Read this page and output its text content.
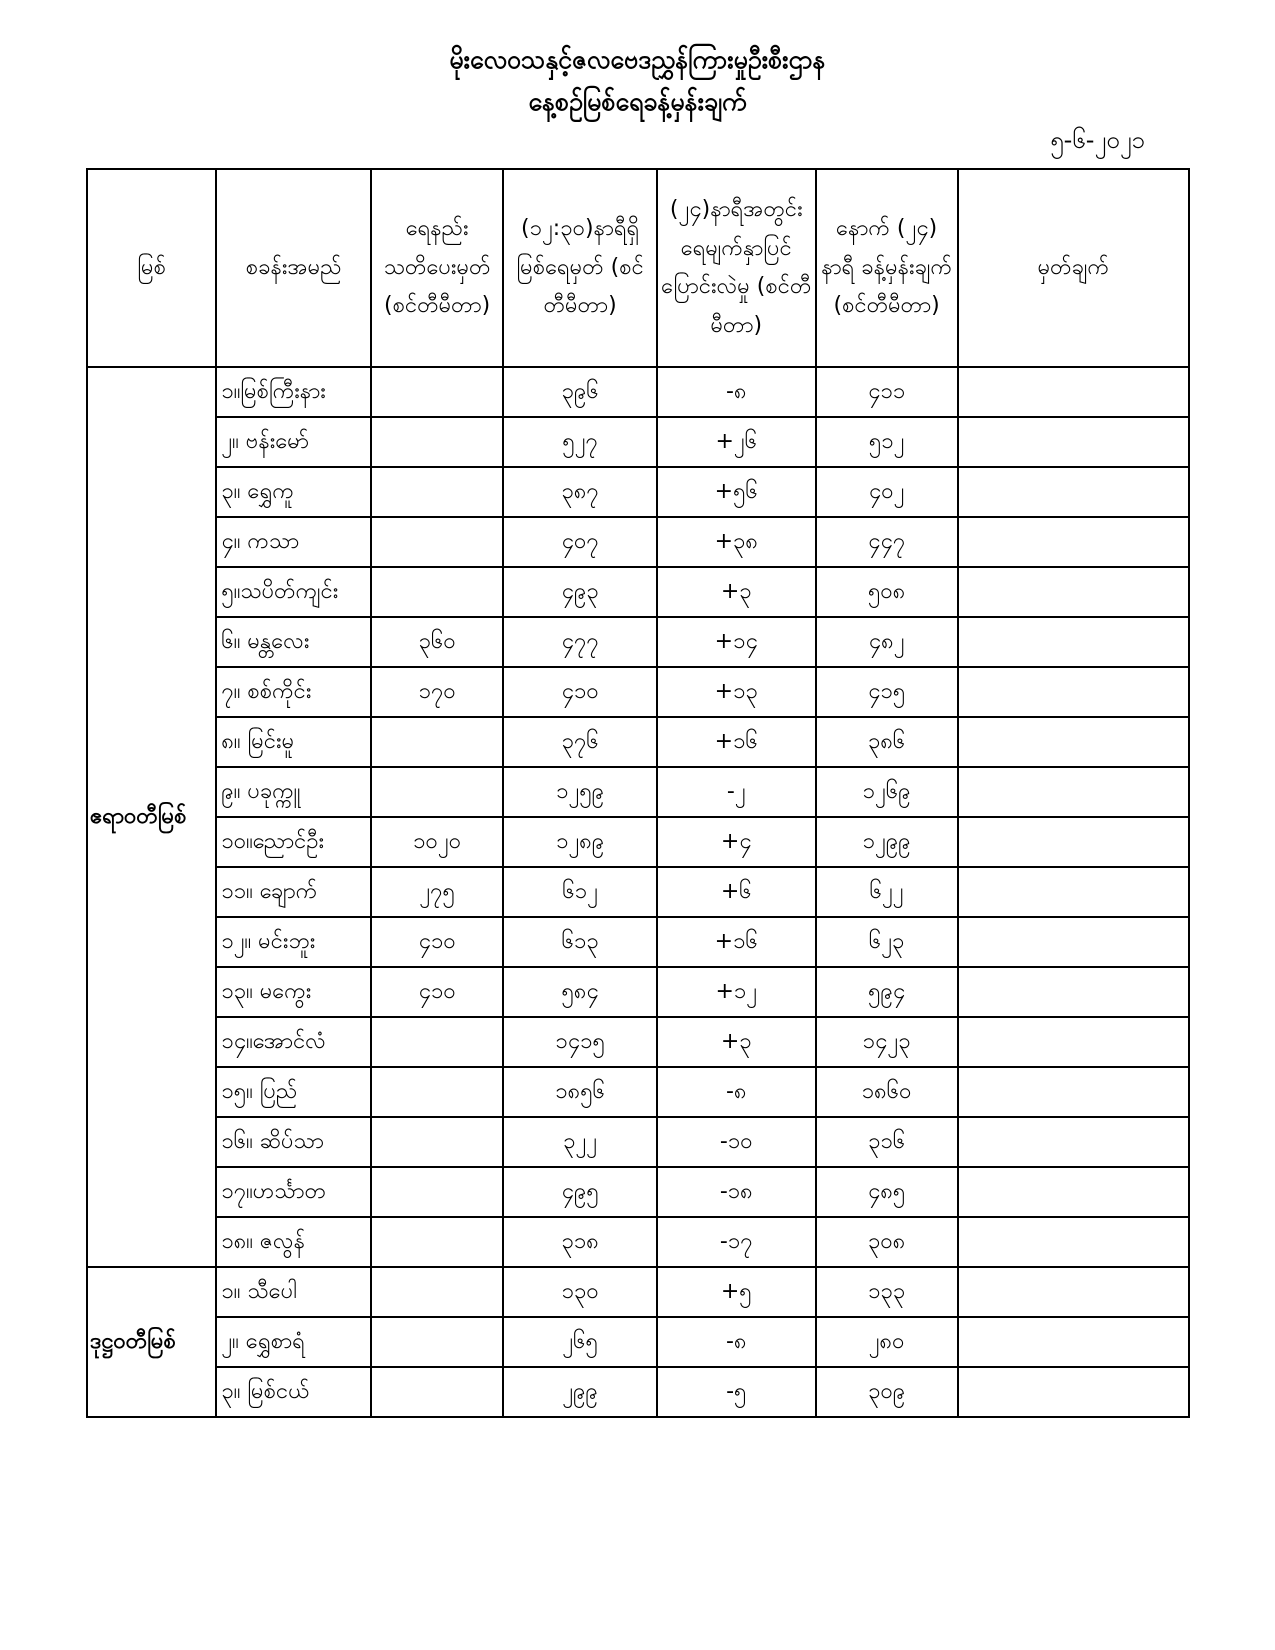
မိုးလေဝသနှင့်ဇလဗေဒညွှန်ကြားမှုဦးစီးဌာန
နေ့စဉ်မြစ်ရေခန့်မှန်းချက်
၅-၆-၂၀၂၁
မြစ်	စခန်းအမည်	ရေနည်း သတိပေးမှတ် (စင်တီမီတာ)	(၁၂:၃၀)နာရီရှိ မြစ်ရေမှတ် (စင်တီမီတာ)	(၂၄)နာရီအတွင်း ရေမျက်နှာပြင် ပြောင်းလဲမှု (စင်တီမီတာ)	နောက် (၂၄) နာရီ ခန့်မှန်းချက် (စင်တီမီတာ)	မှတ်ချက်
ဧရာဝတီမြစ်	၁။မြစ်ကြီးနား		၃၉၆	-၈	၄၁၁	
	၂။ ဗန်းမော်		၅၂၇	+၂၆	၅၁၂	
	၃။ ရွှေကူ		၃၈၇	+၅၆	၄၀၂	
	၄။ ကသာ		၄၀၇	+၃၈	၄၄၇	
	၅။သပိတ်ကျင်း		၄၉၃	+၃	၅၀၈	
	၆။ မန္တလေး	၃၆၀	၄၇၇	+၁၄	၄၈၂	
	၇။ စစ်ကိုင်း	၁၇၀	၄၁၀	+၁၃	၄၁၅	
	၈။ မြင်းမူ		၃၇၆	+၁၆	၃၈၆	
	၉။ ပခုက္ကူ		၁၂၅၉	-၂	၁၂၆၉	
	၁၀။ညောင်ဦး	၁၀၂၀	၁၂၈၉	+၄	၁၂၉၉	
	၁၁။ ချောက်	၂၇၅	၆၁၂	+၆	၆၂၂	
	၁၂။ မင်းဘူး	၄၁၀	၆၁၃	+၁၆	၆၂၃	
	၁၃။ မကွေး	၄၁၀	၅၈၄	+၁၂	၅၉၄	
	၁၄။အောင်လံ		၁၄၁၅	+၃	၁၄၂၃	
	၁၅။ ပြည်		၁၈၅၆	-၈	၁၈၆၀	
	၁၆။ ဆိပ်သာ		၃၂၂	-၁၀	၃၁၆	
	၁၇။ဟင်္သာတ		၄၉၅	-၁၈	၄၈၅	
	၁၈။ ဇလွန်		၃၁၈	-၁၇	၃၀၈	
ဒုဋ္ဌဝတီမြစ်	၁။ သီပေါ		၁၃၀	+၅	၁၃၃	
	၂။ ရွှေစာရံ		၂၆၅	-၈	၂၈၀	
	၃။ မြစ်ငယ်		၂၉၉	-၅	၃၀၉	
